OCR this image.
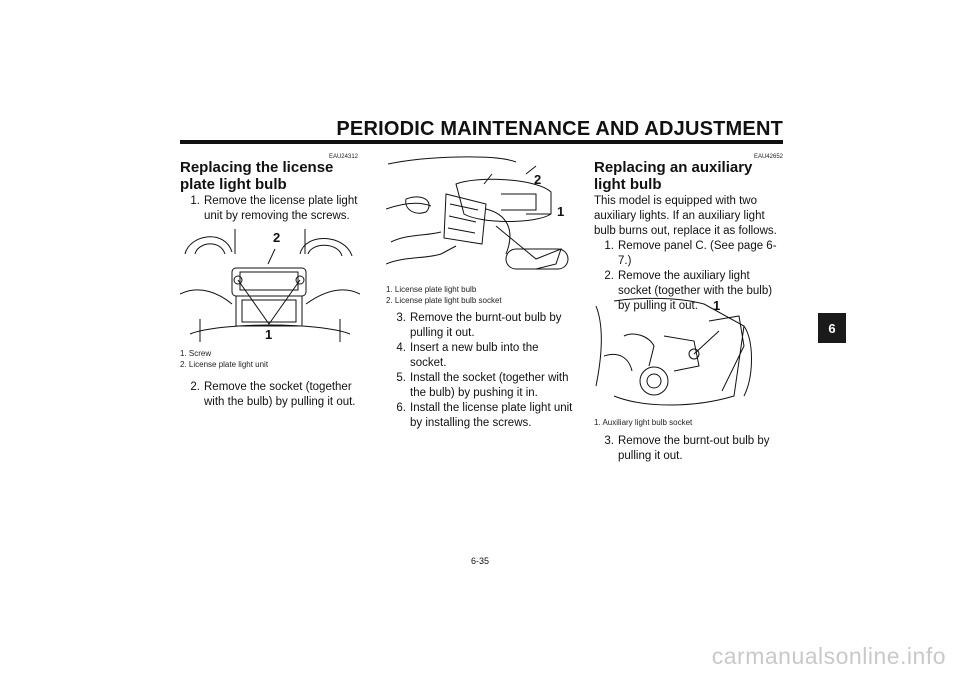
PERIODIC MAINTENANCE AND ADJUSTMENT
EAU24312
Replacing the license plate light bulb
1. Remove the license plate light unit by removing the screws.
2
1
1. Screw
2. License plate light unit
2. Remove the socket (together with the bulb) by pulling it out.
2
1
1. License plate light bulb
2. License plate light bulb socket
3. Remove the burnt-out bulb by pulling it out.
4. Insert a new bulb into the socket.
5. Install the socket (together with the bulb) by pushing it in.
6. Install the license plate light unit by installing the screws.
EAU42652
Replacing an auxiliary light bulb
This model is equipped with two auxiliary lights. If an auxiliary light bulb burns out, replace it as follows.
1. Remove panel C. (See page 6-7.)
2. Remove the auxiliary light socket (together with the bulb) by pulling it out.	1
1. Auxiliary light bulb socket
3. Remove the burnt-out bulb by pulling it out.
6
6-35
carmanualsonline.info
